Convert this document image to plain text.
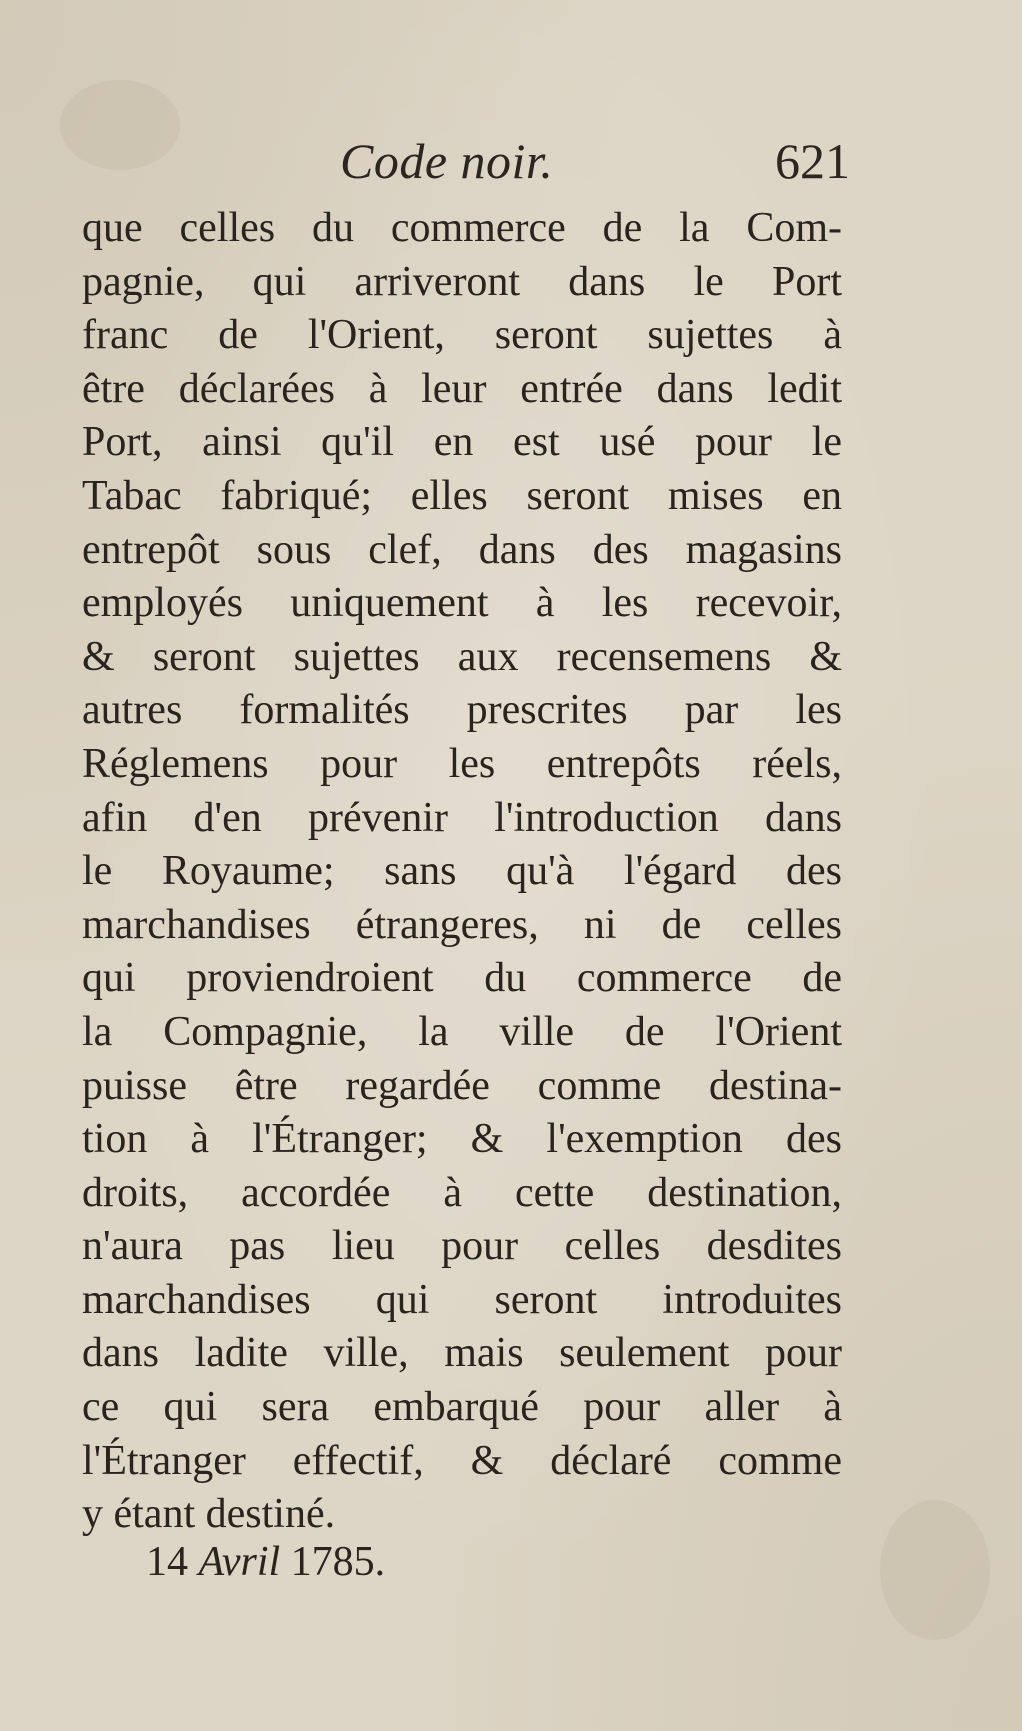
Code noir.	621
que celles du commerce de la Com-
pagnie, qui arriveront dans le Port
franc de l'Orient, seront sujettes à
être déclarées à leur entrée dans ledit
Port, ainsi qu'il en est usé pour le
Tabac fabriqué; elles seront mises en
entrepôt sous clef, dans des magasins
employés uniquement à les recevoir,
& seront sujettes aux recensemens &
autres formalités prescrites par les
Réglemens pour les entrepôts réels,
afin d'en prévenir l'introduction dans
le Royaume; sans qu'à l'égard des
marchandises étrangeres, ni de celles
qui proviendroient du commerce de
la Compagnie, la ville de l'Orient
puisse être regardée comme destina-
tion à l'Étranger; & l'exemption des
droits, accordée à cette destination,
n'aura pas lieu pour celles desdites
marchandises qui seront introduites
dans ladite ville, mais seulement pour
ce qui sera embarqué pour aller à
l'Étranger effectif, & déclaré comme
y étant destiné.
14 Avril 1785.
